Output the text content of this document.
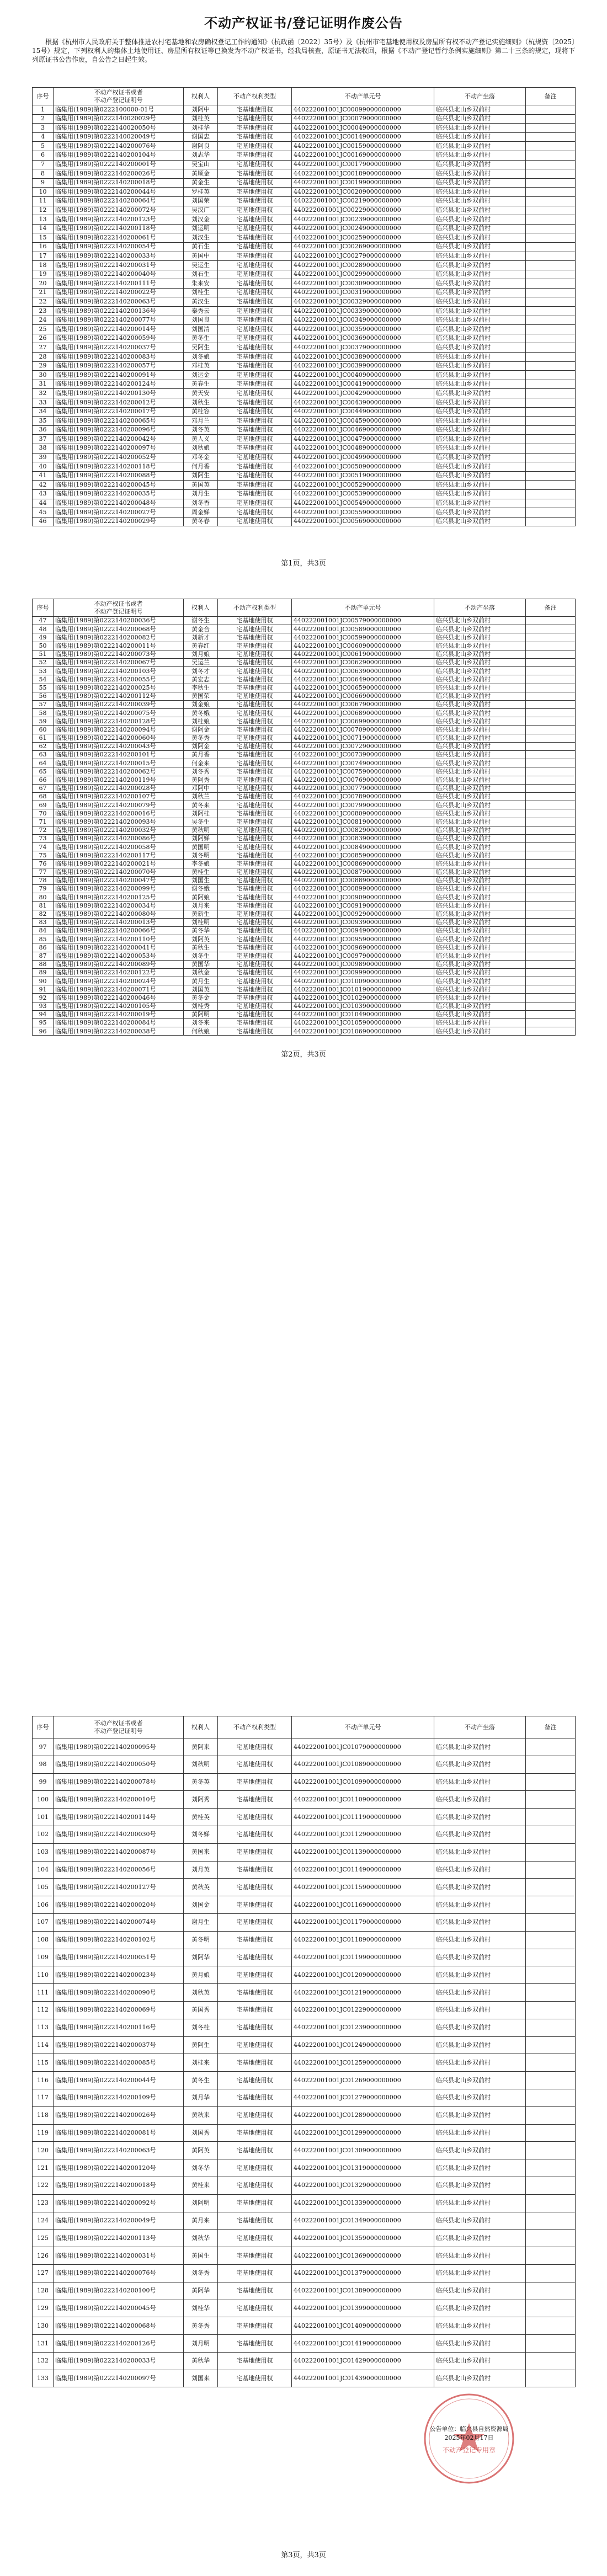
不动产权证书/登记证明作废公告
根据《杭州市人民政府关于整体推进农村宅基地和农房确权登记工作的通知》（杭政函〔2022〕35号）及《杭州市宅基地使用权及房屋所有权不动产登记实施细则》（杭规资〔2025〕15号）规定，下列权利人的集体土地使用证、房屋所有权证等已换发为不动产权证书，经我局核查，原证书无法收回，根据《不动产登记暂行条例实施细则》第二十三条的规定，现将下列原证书公告作废，自公告之日起生效。
序号	不动产权证书或者
不动产登记证明号	权利人	不动产权利类型	不动产单元号	不动产坐落	备注
1	临集用(1989)第0222100000-01号	刘阿中	宅基地使用权	440222001001JC00099000000000	临兴县北山乡双前村	
2	临集用(1989)第0222140020029号	刘桂英	宅基地使用权	440222001001JC00079000000000	临兴县北山乡双前村	
3	临集用(1989)第0222140020050号	刘桂华	宅基地使用权	440222001001JC00049000000000	临兴县北山乡双前村	
4	临集用(1989)第0222140020049号	谢国忠	宅基地使用权	440222001001JC00149000000000	临兴县北山乡双前村	
5	临集用(1989)第0222140200076号	谢阿良	宅基地使用权	440222001001JC00159000000000	临兴县北山乡双前村	
6	临集用(1989)第0222140200104号	刘志华	宅基地使用权	440222001001JC00169000000000	临兴县北山乡双前村	
7	临集用(1989)第0222140200001号	吴宝山	宅基地使用权	440222001001JC00179000000000	临兴县北山乡双前村	
8	临集用(1989)第0222140200026号	黄顺金	宅基地使用权	440222001001JC00189000000000	临兴县北山乡双前村	
9	临集用(1989)第0222140200018号	黄金生	宅基地使用权	440222001001JC00199000000000	临兴县北山乡双前村	
10	临集用(1989)第0222140200044号	罗桂英	宅基地使用权	440222001001JC00209000000000	临兴县北山乡双前村	
11	临集用(1989)第0222140200064号	刘国荣	宅基地使用权	440222001001JC00219000000000	临兴县北山乡双前村	
12	临集用(1989)第0222140200072号	吴汉广	宅基地使用权	440222001001JC00229000000000	临兴县北山乡双前村	
13	临集用(1989)第0222140200123号	刘汉金	宅基地使用权	440222001001JC00239000000000	临兴县北山乡双前村	
14	临集用(1989)第0222140200118号	刘运明	宅基地使用权	440222001001JC00249000000000	临兴县北山乡双前村	
15	临集用(1989)第0222140200061号	刘汉生	宅基地使用权	440222001001JC00259000000000	临兴县北山乡双前村	
16	临集用(1989)第0222140200054号	黄石生	宅基地使用权	440222001001JC00269000000000	临兴县北山乡双前村	
17	临集用(1989)第0222140200033号	黄国中	宅基地使用权	440222001001JC00279000000000	临兴县北山乡双前村	
18	临集用(1989)第0222140200031号	吴运生	宅基地使用权	440222001001JC00289000000000	临兴县北山乡双前村	
19	临集用(1989)第0222140200040号	刘石生	宅基地使用权	440222001001JC00299000000000	临兴县北山乡双前村	
20	临集用(1989)第0222140200111号	朱来安	宅基地使用权	440222001001JC00309000000000	临兴县北山乡双前村	
21	临集用(1989)第0222140200022号	刘桂生	宅基地使用权	440222001001JC00319000000000	临兴县北山乡双前村	
22	临集用(1989)第0222140200063号	黄汉生	宅基地使用权	440222001001JC00329000000000	临兴县北山乡双前村	
23	临集用(1989)第0222140200136号	秦秀云	宅基地使用权	440222001001JC00339000000000	临兴县北山乡双前村	
24	临集用(1989)第0222140200077号	刘国良	宅基地使用权	440222001001JC00349000000000	临兴县北山乡双前村	
25	临集用(1989)第0222140200014号	刘国清	宅基地使用权	440222001001JC00359000000000	临兴县北山乡双前村	
26	临集用(1989)第0222140200059号	黄冬生	宅基地使用权	440222001001JC00369000000000	临兴县北山乡双前村	
27	临集用(1989)第0222140200037号	吴阿生	宅基地使用权	440222001001JC00379000000000	临兴县北山乡双前村	
28	临集用(1989)第0222140200083号	刘冬娘	宅基地使用权	440222001001JC00389000000000	临兴县北山乡双前村	
29	临集用(1989)第0222140200057号	邓桂英	宅基地使用权	440222001001JC00399000000000	临兴县北山乡双前村	
30	临集用(1989)第0222140200091号	刘运金	宅基地使用权	440222001001JC00409000000000	临兴县北山乡双前村	
31	临集用(1989)第0222140200124号	黄春生	宅基地使用权	440222001001JC00419000000000	临兴县北山乡双前村	
32	临集用(1989)第0222140200130号	黄天安	宅基地使用权	440222001001JC00429000000000	临兴县北山乡双前村	
33	临集用(1989)第0222140200012号	刘秋生	宅基地使用权	440222001001JC00439000000000	临兴县北山乡双前村	
34	临集用(1989)第0222140200017号	黄桂容	宅基地使用权	440222001001JC00449000000000	临兴县北山乡双前村	
35	临集用(1989)第0222140200065号	邓月兰	宅基地使用权	440222001001JC00459000000000	临兴县北山乡双前村	
36	临集用(1989)第0222140200096号	刘冬英	宅基地使用权	440222001001JC00469000000000	临兴县北山乡双前村	
37	临集用(1989)第0222140200042号	黄人义	宅基地使用权	440222001001JC00479000000000	临兴县北山乡双前村	
38	临集用(1989)第0222140200097号	刘秋娘	宅基地使用权	440222001001JC00489000000000	临兴县北山乡双前村	
39	临集用(1989)第0222140200052号	邓冬金	宅基地使用权	440222001001JC00499000000000	临兴县北山乡双前村	
40	临集用(1989)第0222140200118号	何月香	宅基地使用权	440222001001JC00509000000000	临兴县北山乡双前村	
41	临集用(1989)第0222140200088号	刘阿生	宅基地使用权	440222001001JC00519000000000	临兴县北山乡双前村	
42	临集用(1989)第0222140200045号	黄国英	宅基地使用权	440222001001JC00529000000000	临兴县北山乡双前村	
43	临集用(1989)第0222140200035号	刘月生	宅基地使用权	440222001001JC00539000000000	临兴县北山乡双前村	
44	临集用(1989)第0222140200048号	刘冬香	宅基地使用权	440222001001JC00549000000000	临兴县北山乡双前村	
45	临集用(1989)第0222140200027号	周金娣	宅基地使用权	440222001001JC00559000000000	临兴县北山乡双前村	
46	临集用(1989)第0222140200029号	黄冬春	宅基地使用权	440222001001JC00569000000000	临兴县北山乡双前村	
第1页，共3页
序号	不动产权证书或者
不动产登记证明号	权利人	不动产权利类型	不动产单元号	不动产坐落	备注
47	临集用(1989)第0222140200036号	谢冬生	宅基地使用权	440222001001JC00579000000000	临兴县北山乡双前村	
48	临集用(1989)第0222140200068号	黄金合	宅基地使用权	440222001001JC00589000000000	临兴县北山乡双前村	
49	临集用(1989)第0222140200082号	刘新才	宅基地使用权	440222001001JC00599000000000	临兴县北山乡双前村	
50	临集用(1989)第0222140200011号	黄春红	宅基地使用权	440222001001JC00609000000000	临兴县北山乡双前村	
51	临集用(1989)第0222140200073号	刘月娘	宅基地使用权	440222001001JC00619000000000	临兴县北山乡双前村	
52	临集用(1989)第0222140200067号	吴运兰	宅基地使用权	440222001001JC00629000000000	临兴县北山乡双前村	
53	临集用(1989)第0222140200103号	刘冬才	宅基地使用权	440222001001JC00639000000000	临兴县北山乡双前村	
54	临集用(1989)第0222140200055号	黄宏志	宅基地使用权	440222001001JC00649000000000	临兴县北山乡双前村	
55	临集用(1989)第0222140200025号	李秋生	宅基地使用权	440222001001JC00659000000000	临兴县北山乡双前村	
56	临集用(1989)第0222140200112号	黄国荣	宅基地使用权	440222001001JC00669000000000	临兴县北山乡双前村	
57	临集用(1989)第0222140200039号	刘金娘	宅基地使用权	440222001001JC00679000000000	临兴县北山乡双前村	
58	临集用(1989)第0222140200075号	黄冬娥	宅基地使用权	440222001001JC00689000000000	临兴县北山乡双前村	
59	临集用(1989)第0222140200128号	刘桂娘	宅基地使用权	440222001001JC00699000000000	临兴县北山乡双前村	
60	临集用(1989)第0222140200094号	谢阿金	宅基地使用权	440222001001JC00709000000000	临兴县北山乡双前村	
61	临集用(1989)第0222140200060号	黄冬秀	宅基地使用权	440222001001JC00719000000000	临兴县北山乡双前村	
62	临集用(1989)第0222140200043号	刘阿金	宅基地使用权	440222001001JC00729000000000	临兴县北山乡双前村	
63	临集用(1989)第0222140200101号	黄月香	宅基地使用权	440222001001JC00739000000000	临兴县北山乡双前村	
64	临集用(1989)第0222140200015号	何金来	宅基地使用权	440222001001JC00749000000000	临兴县北山乡双前村	
65	临集用(1989)第0222140200062号	刘冬秀	宅基地使用权	440222001001JC00759000000000	临兴县北山乡双前村	
66	临集用(1989)第0222140200119号	黄阿秀	宅基地使用权	440222001001JC00769000000000	临兴县北山乡双前村	
67	临集用(1989)第0222140200028号	邓阿中	宅基地使用权	440222001001JC00779000000000	临兴县北山乡双前村	
68	临集用(1989)第0222140200107号	刘秋兰	宅基地使用权	440222001001JC00789000000000	临兴县北山乡双前村	
69	临集用(1989)第0222140200079号	黄冬来	宅基地使用权	440222001001JC00799000000000	临兴县北山乡双前村	
70	临集用(1989)第0222140200016号	刘阿桂	宅基地使用权	440222001001JC00809000000000	临兴县北山乡双前村	
71	临集用(1989)第0222140200093号	吴冬生	宅基地使用权	440222001001JC00819000000000	临兴县北山乡双前村	
72	临集用(1989)第0222140200032号	黄秋明	宅基地使用权	440222001001JC00829000000000	临兴县北山乡双前村	
73	临集用(1989)第0222140200086号	刘阿娣	宅基地使用权	440222001001JC00839000000000	临兴县北山乡双前村	
74	临集用(1989)第0222140200058号	黄国明	宅基地使用权	440222001001JC00849000000000	临兴县北山乡双前村	
75	临集用(1989)第0222140200117号	刘冬明	宅基地使用权	440222001001JC00859000000000	临兴县北山乡双前村	
76	临集用(1989)第0222140200021号	李冬娘	宅基地使用权	440222001001JC00869000000000	临兴县北山乡双前村	
77	临集用(1989)第0222140200070号	黄桂生	宅基地使用权	440222001001JC00879000000000	临兴县北山乡双前村	
78	临集用(1989)第0222140200047号	刘国生	宅基地使用权	440222001001JC00889000000000	临兴县北山乡双前村	
79	临集用(1989)第0222140200099号	谢冬娥	宅基地使用权	440222001001JC00899000000000	临兴县北山乡双前村	
80	临集用(1989)第0222140200125号	黄阿娘	宅基地使用权	440222001001JC00909000000000	临兴县北山乡双前村	
81	临集用(1989)第0222140200034号	刘月来	宅基地使用权	440222001001JC00919000000000	临兴县北山乡双前村	
82	临集用(1989)第0222140200080号	黄新生	宅基地使用权	440222001001JC00929000000000	临兴县北山乡双前村	
83	临集用(1989)第0222140200013号	刘桂明	宅基地使用权	440222001001JC00939000000000	临兴县北山乡双前村	
84	临集用(1989)第0222140200066号	黄冬华	宅基地使用权	440222001001JC00949000000000	临兴县北山乡双前村	
85	临集用(1989)第0222140200110号	刘阿英	宅基地使用权	440222001001JC00959000000000	临兴县北山乡双前村	
86	临集用(1989)第0222140200041号	黄秋生	宅基地使用权	440222001001JC00969000000000	临兴县北山乡双前村	
87	临集用(1989)第0222140200053号	刘冬生	宅基地使用权	440222001001JC00979000000000	临兴县北山乡双前村	
88	临集用(1989)第0222140200089号	黄国华	宅基地使用权	440222001001JC00989000000000	临兴县北山乡双前村	
89	临集用(1989)第0222140200122号	刘秋金	宅基地使用权	440222001001JC00999000000000	临兴县北山乡双前村	
90	临集用(1989)第0222140200024号	黄月生	宅基地使用权	440222001001JC01009000000000	临兴县北山乡双前村	
91	临集用(1989)第0222140200071号	刘国英	宅基地使用权	440222001001JC01019000000000	临兴县北山乡双前村	
92	临集用(1989)第0222140200046号	黄冬金	宅基地使用权	440222001001JC01029000000000	临兴县北山乡双前村	
93	临集用(1989)第0222140200105号	刘桂秀	宅基地使用权	440222001001JC01039000000000	临兴县北山乡双前村	
94	临集用(1989)第0222140200019号	黄阿明	宅基地使用权	440222001001JC01049000000000	临兴县北山乡双前村	
95	临集用(1989)第0222140200084号	刘冬来	宅基地使用权	440222001001JC01059000000000	临兴县北山乡双前村	
96	临集用(1989)第0222140200038号	何秋娘	宅基地使用权	440222001001JC01069000000000	临兴县北山乡双前村	
第2页，共3页
序号	不动产权证书或者
不动产登记证明号	权利人	不动产权利类型	不动产单元号	不动产坐落	备注
97	临集用(1989)第0222140200095号	黄阿来	宅基地使用权	440222001001JC01079000000000	临兴县北山乡双前村	
98	临集用(1989)第0222140200050号	刘秋明	宅基地使用权	440222001001JC01089000000000	临兴县北山乡双前村	
99	临集用(1989)第0222140200078号	黄冬英	宅基地使用权	440222001001JC01099000000000	临兴县北山乡双前村	
100	临集用(1989)第0222140200010号	刘阿秀	宅基地使用权	440222001001JC01109000000000	临兴县北山乡双前村	
101	临集用(1989)第0222140200114号	黄桂英	宅基地使用权	440222001001JC01119000000000	临兴县北山乡双前村	
102	临集用(1989)第0222140200030号	刘冬娣	宅基地使用权	440222001001JC01129000000000	临兴县北山乡双前村	
103	临集用(1989)第0222140200087号	黄国来	宅基地使用权	440222001001JC01139000000000	临兴县北山乡双前村	
104	临集用(1989)第0222140200056号	刘月英	宅基地使用权	440222001001JC01149000000000	临兴县北山乡双前村	
105	临集用(1989)第0222140200127号	黄秋英	宅基地使用权	440222001001JC01159000000000	临兴县北山乡双前村	
106	临集用(1989)第0222140200020号	刘国金	宅基地使用权	440222001001JC01169000000000	临兴县北山乡双前村	
107	临集用(1989)第0222140200074号	谢月生	宅基地使用权	440222001001JC01179000000000	临兴县北山乡双前村	
108	临集用(1989)第0222140200102号	黄冬明	宅基地使用权	440222001001JC01189000000000	临兴县北山乡双前村	
109	临集用(1989)第0222140200051号	刘阿华	宅基地使用权	440222001001JC01199000000000	临兴县北山乡双前村	
110	临集用(1989)第0222140200023号	黄月娘	宅基地使用权	440222001001JC01209000000000	临兴县北山乡双前村	
111	临集用(1989)第0222140200090号	刘秋英	宅基地使用权	440222001001JC01219000000000	临兴县北山乡双前村	
112	临集用(1989)第0222140200069号	黄国秀	宅基地使用权	440222001001JC01229000000000	临兴县北山乡双前村	
113	临集用(1989)第0222140200116号	刘冬桂	宅基地使用权	440222001001JC01239000000000	临兴县北山乡双前村	
114	临集用(1989)第0222140200037号	黄阿生	宅基地使用权	440222001001JC01249000000000	临兴县北山乡双前村	
115	临集用(1989)第0222140200085号	刘桂来	宅基地使用权	440222001001JC01259000000000	临兴县北山乡双前村	
116	临集用(1989)第0222140200044号	黄冬生	宅基地使用权	440222001001JC01269000000000	临兴县北山乡双前村	
117	临集用(1989)第0222140200109号	刘月华	宅基地使用权	440222001001JC01279000000000	临兴县北山乡双前村	
118	临集用(1989)第0222140200026号	黄秋来	宅基地使用权	440222001001JC01289000000000	临兴县北山乡双前村	
119	临集用(1989)第0222140200081号	刘国秀	宅基地使用权	440222001001JC01299000000000	临兴县北山乡双前村	
120	临集用(1989)第0222140200063号	黄阿英	宅基地使用权	440222001001JC01309000000000	临兴县北山乡双前村	
121	临集用(1989)第0222140200120号	刘冬华	宅基地使用权	440222001001JC01319000000000	临兴县北山乡双前村	
122	临集用(1989)第0222140200018号	黄桂来	宅基地使用权	440222001001JC01329000000000	临兴县北山乡双前村	
123	临集用(1989)第0222140200092号	刘阿明	宅基地使用权	440222001001JC01339000000000	临兴县北山乡双前村	
124	临集用(1989)第0222140200049号	黄月来	宅基地使用权	440222001001JC01349000000000	临兴县北山乡双前村	
125	临集用(1989)第0222140200113号	刘秋华	宅基地使用权	440222001001JC01359000000000	临兴县北山乡双前村	
126	临集用(1989)第0222140200031号	黄国生	宅基地使用权	440222001001JC01369000000000	临兴县北山乡双前村	
127	临集用(1989)第0222140200076号	刘冬秀	宅基地使用权	440222001001JC01379000000000	临兴县北山乡双前村	
128	临集用(1989)第0222140200100号	黄阿华	宅基地使用权	440222001001JC01389000000000	临兴县北山乡双前村	
129	临集用(1989)第0222140200045号	刘桂华	宅基地使用权	440222001001JC01399000000000	临兴县北山乡双前村	
130	临集用(1989)第0222140200068号	黄冬秀	宅基地使用权	440222001001JC01409000000000	临兴县北山乡双前村	
131	临集用(1989)第0222140200126号	刘月明	宅基地使用权	440222001001JC01419000000000	临兴县北山乡双前村	
132	临集用(1989)第0222140200033号	黄秋华	宅基地使用权	440222001001JC01429000000000	临兴县北山乡双前村	
133	临集用(1989)第0222140200097号	刘国来	宅基地使用权	440222001001JC01439000000000	临兴县北山乡双前村	
第3页，共3页
公告单位：临兴县自然资源局
2025年02月17日
不动产登记专用章
